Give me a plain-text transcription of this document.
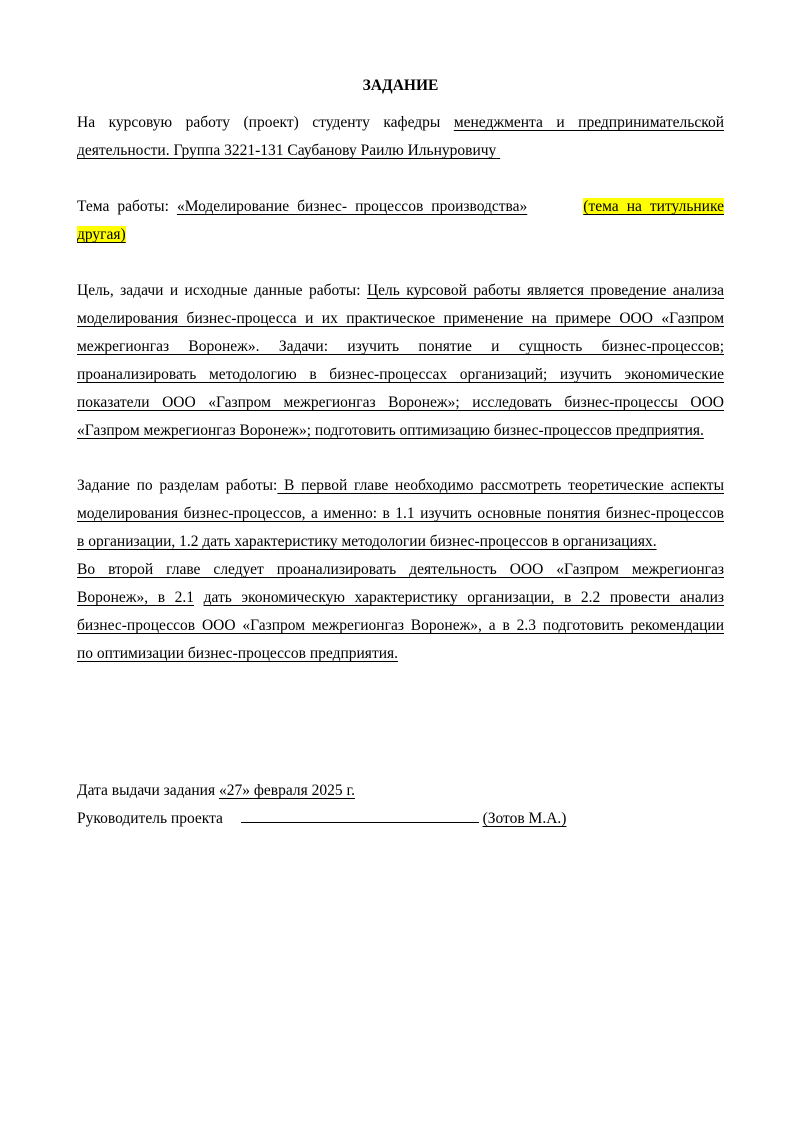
ЗАДАНИЕ
На курсовую работу (проект) студенту кафедры менеджмента и предпринимательской
деятельности. Группа 3221-131 Саубанову Раилю Ильнуровичу
Тема работы: «Моделирование бизнес- процессов производства»	(тема на титульнике
другая)
Цель, задачи и исходные данные работы: Цель курсовой работы является проведение анализа
моделирования бизнес-процесса и их практическое применение на примере ООО «Газпром
межрегионгаз Воронеж». Задачи: изучить понятие и сущность бизнес-процессов;
проанализировать методологию в бизнес-процессах организаций; изучить экономические
показатели ООО «Газпром межрегионгаз Воронеж»; исследовать бизнес-процессы ООО
«Газпром межрегионгаз Воронеж»; подготовить оптимизацию бизнес-процессов предприятия.
Задание по разделам работы: В первой главе необходимо рассмотреть теоретические аспекты
моделирования бизнес-процессов, а именно: в 1.1 изучить основные понятия бизнес-процессов
в организации, 1.2 дать характеристику методологии бизнес-процессов в организациях.
Во второй главе следует проанализировать деятельность ООО «Газпром межрегионгаз
Воронеж», в 2.1 дать экономическую характеристику организации, в 2.2 провести анализ
бизнес-процессов ООО «Газпром межрегионгаз Воронеж», а в 2.3 подготовить рекомендации
по оптимизации бизнес-процессов предприятия.
Дата выдачи задания «27» февраля 2025 г.
Руководитель проекта	(Зотов М.А.)
